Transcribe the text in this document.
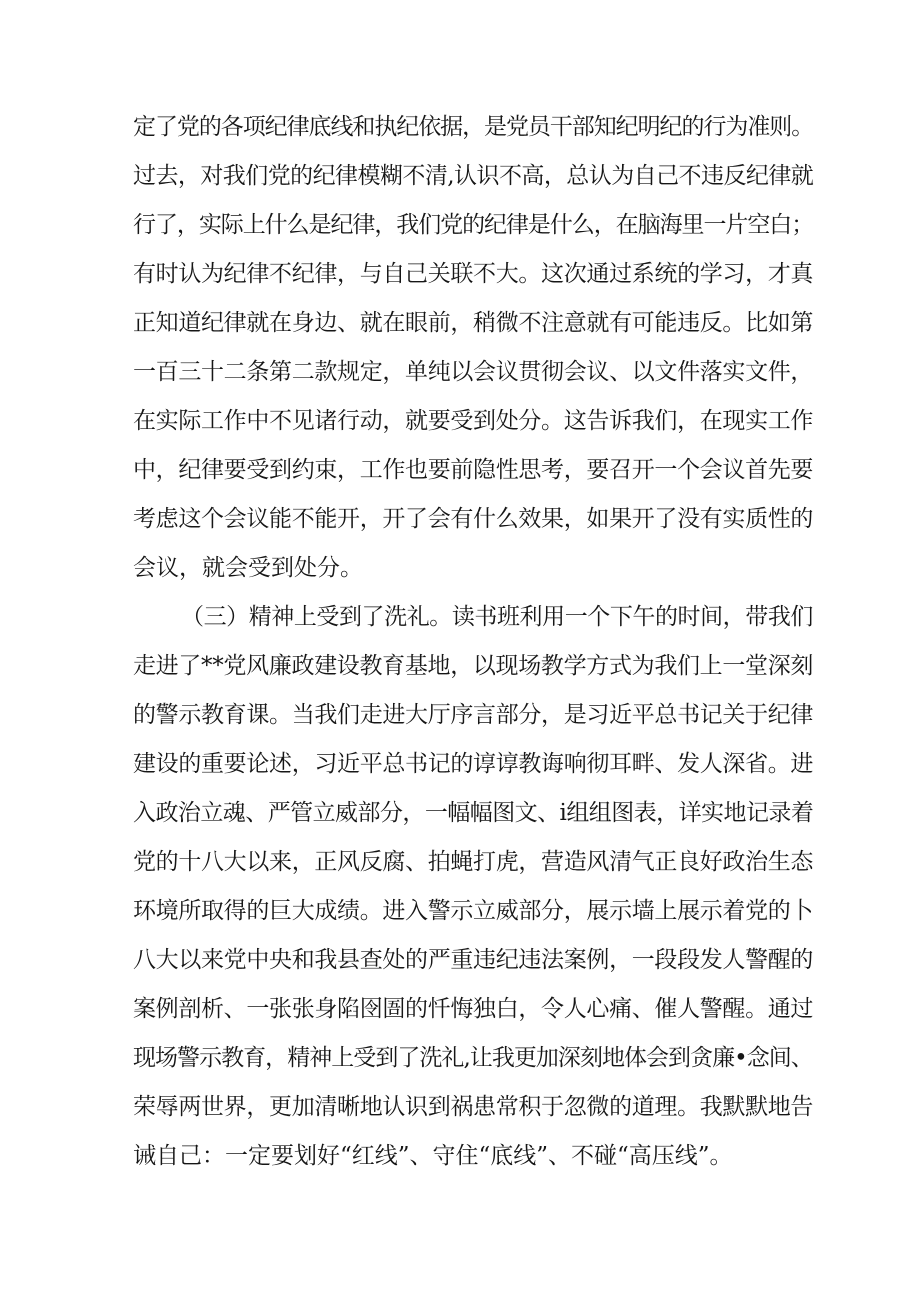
定了党的各项纪律底线和执纪依据，是党员干部知纪明纪的行为准则。
过去，对我们党的纪律模糊不清,认识不高，总认为自己不违反纪律就
行了，实际上什么是纪律，我们党的纪律是什么，在脑海里一片空白；
有时认为纪律不纪律，与自己关联不大。这次通过系统的学习，才真
正知道纪律就在身边、就在眼前，稍微不注意就有可能违反。比如第
一百三十二条第二款规定，单纯以会议贯彻会议、以文件落实文件，
在实际工作中不见诸行动，就要受到处分。这告诉我们，在现实工作
中，纪律要受到约束，工作也要前隐性思考，要召开一个会议首先要
考虑这个会议能不能开，开了会有什么效果，如果开了没有实质性的
会议，就会受到处分。
（三）精神上受到了洗礼。读书班利用一个下午的时间，带我们
走进了**党风廉政建设教育基地，以现场教学方式为我们上一堂深刻
的警示教育课。当我们走进大厅序言部分，是习近平总书记关于纪律
建设的重要论述，习近平总书记的谆谆教诲响彻耳畔、发人深省。进
入政治立魂、严管立威部分，一幅幅图文、i组组图表，详实地记录着
党的十八大以来，正风反腐、拍蝇打虎，营造风清气正良好政治生态
环境所取得的巨大成绩。进入警示立威部分，展示墙上展示着党的卜
八大以来党中央和我县查处的严重违纪违法案例，一段段发人警醒的
案例剖析、一张张身陷囹圄的忏悔独白，令人心痛、催人警醒。通过
现场警示教育，精神上受到了洗礼,让我更加深刻地体会到贪廉•念间、
荣辱两世界，更加清晰地认识到祸患常积于忽微的道理。我默默地告
诫自己：一定要划好“红线”、守住“底线”、不碰“高压线”。
